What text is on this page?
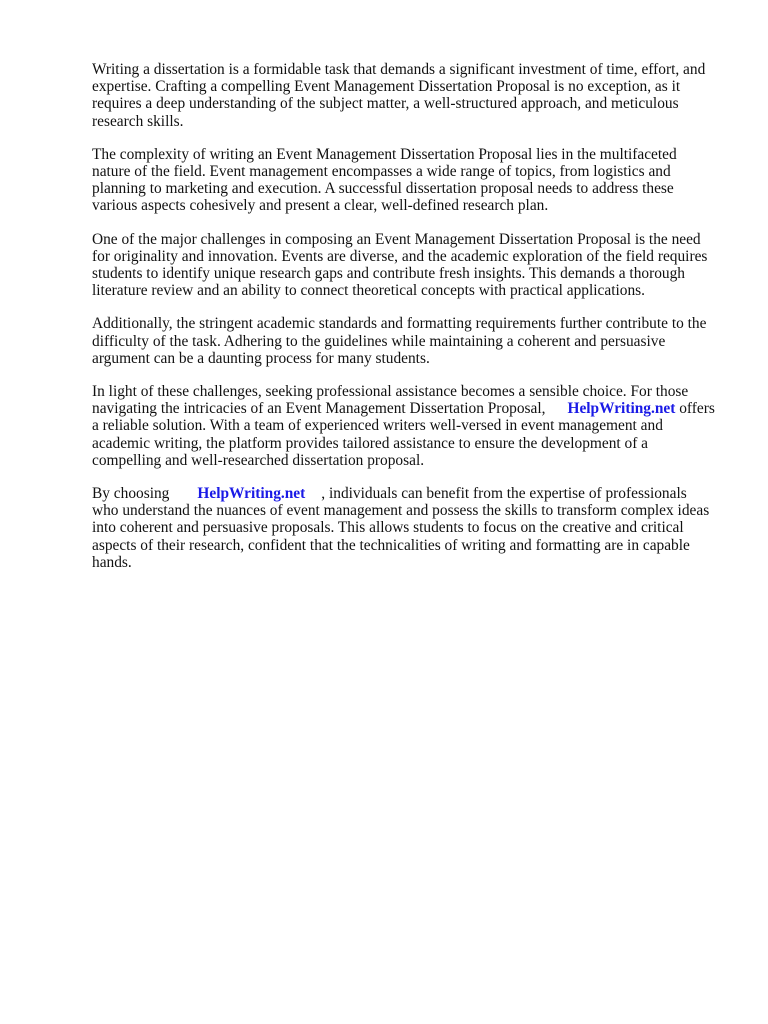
Writing a dissertation is a formidable task that demands a significant investment of time, effort, and expertise. Crafting a compelling Event Management Dissertation Proposal is no exception, as it requires a deep understanding of the subject matter, a well-structured approach, and meticulous research skills.

The complexity of writing an Event Management Dissertation Proposal lies in the multifaceted nature of the field. Event management encompasses a wide range of topics, from logistics and planning to marketing and execution. A successful dissertation proposal needs to address these various aspects cohesively and present a clear, well-defined research plan.

One of the major challenges in composing an Event Management Dissertation Proposal is the need for originality and innovation. Events are diverse, and the academic exploration of the field requires students to identify unique research gaps and contribute fresh insights. This demands a thorough literature review and an ability to connect theoretical concepts with practical applications.

Additionally, the stringent academic standards and formatting requirements further contribute to the difficulty of the task. Adhering to the guidelines while maintaining a coherent and persuasive argument can be a daunting process for many students.

In light of these challenges, seeking professional assistance becomes a sensible choice. For those navigating the intricacies of an Event Management Dissertation Proposal, HelpWriting.net offers a reliable solution. With a team of experienced writers well-versed in event management and academic writing, the platform provides tailored assistance to ensure the development of a compelling and well-researched dissertation proposal.

By choosing HelpWriting.net , individuals can benefit from the expertise of professionals who understand the nuances of event management and possess the skills to transform complex ideas into coherent and persuasive proposals. This allows students to focus on the creative and critical aspects of their research, confident that the technicalities of writing and formatting are in capable hands.
